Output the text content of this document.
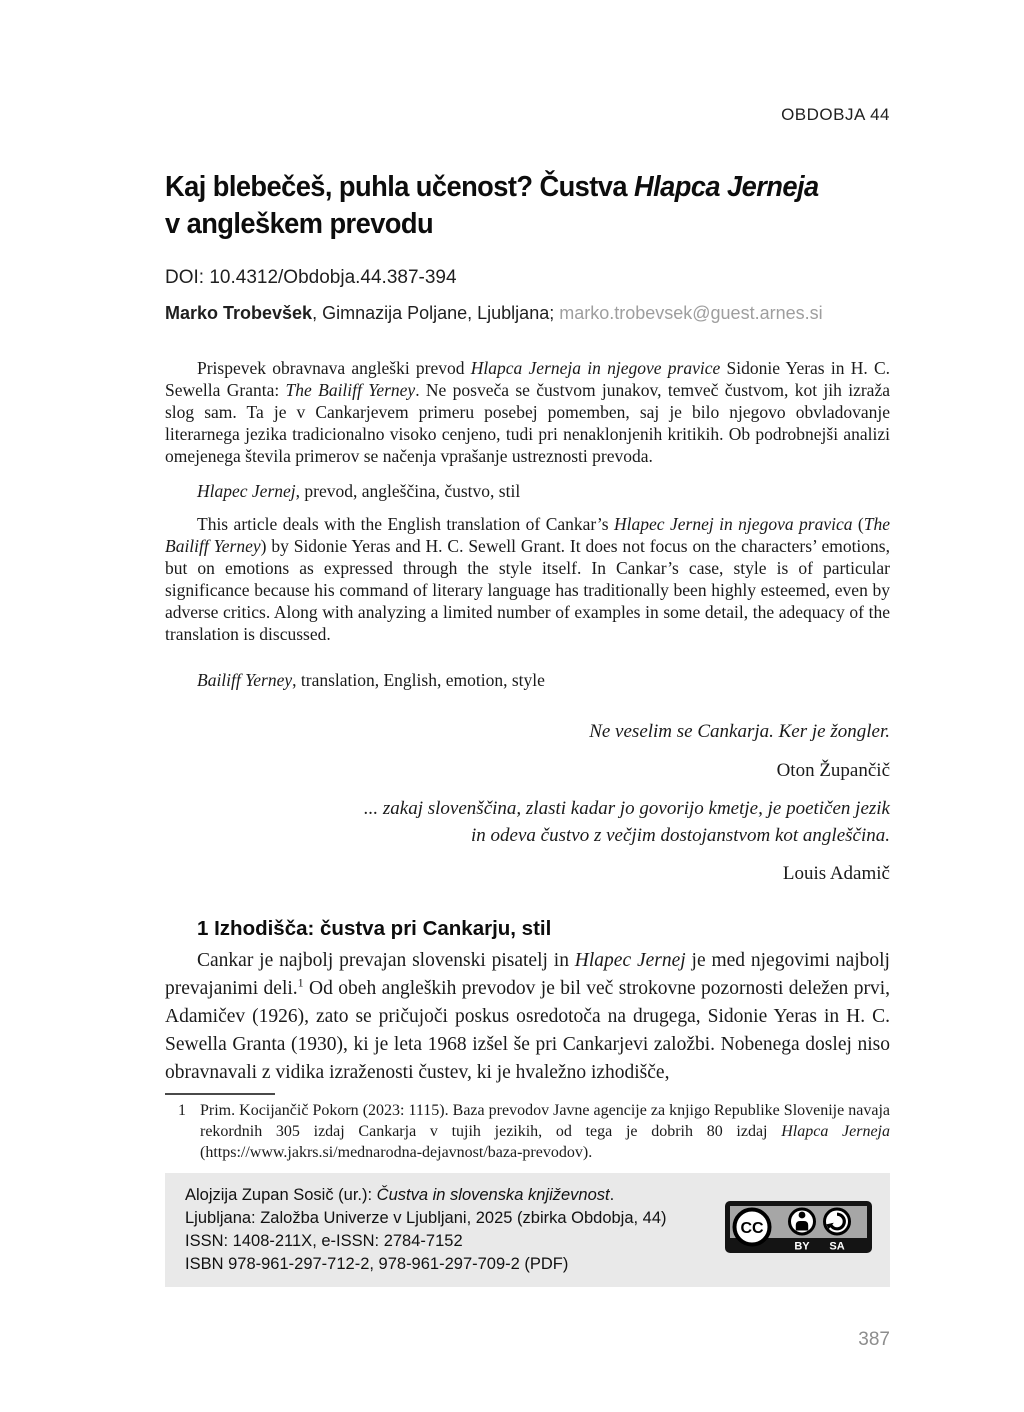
OBDOBJA 44
Kaj blebečeš, puhla učenost? Čustva Hlapca Jerneja
v angleškem prevodu
DOI: 10.4312/Obdobja.44.387-394
Marko Trobevšek, Gimnazija Poljane, Ljubljana; marko.trobevsek@guest.arnes.si

Prispevek obravnava angleški prevod Hlapca Jerneja in njegove pravice Sidonie Yeras in H. C. Sewella Granta: The Bailiff Yerney. Ne posveča se čustvom junakov, temveč čustvom, kot jih izraža slog sam. Ta je v Cankarjevem primeru posebej pomemben, saj je bilo njegovo obvladovanje literarnega jezika tradicionalno visoko cenjeno, tudi pri nenaklonjenih kritikih. Ob podrobnejši analizi omejenega števila primerov se načenja vprašanje ustreznosti prevoda.

Hlapec Jernej, prevod, angleščina, čustvo, stil

This article deals with the English translation of Cankar’s Hlapec Jernej in njegova pravica (The Bailiff Yerney) by Sidonie Yeras and H. C. Sewell Grant. It does not focus on the characters’ emotions, but on emotions as expressed through the style itself. In Cankar’s case, style is of particular significance because his command of literary language has traditionally been highly esteemed, even by adverse critics. Along with analyzing a limited number of examples in some detail, the adequacy of the translation is discussed.

Bailiff Yerney, translation, English, emotion, style

Ne veselim se Cankarja. Ker je žongler.
Oton Župančič
... zakaj slovenščina, zlasti kadar jo govorijo kmetje, je poetičen jezik
in odeva čustvo z večjim dostojanstvom kot angleščina.
Louis Adamič
1 Izhodišča: čustva pri Cankarju, stil

Cankar je najbolj prevajan slovenski pisatelj in Hlapec Jernej je med njegovimi najbolj prevajanimi deli.$^1$ Od obeh angleških prevodov je bil več strokovne pozornosti deležen prvi, Adamičev (1926), zato se pričujoči poskus osredotoča na drugega, Sidonie Yeras in H. C. Sewella Granta (1930), ki je leta 1968 izšel še pri Cankarjevi založbi. Nobenega doslej niso obravnavali z vidika izraženosti čustev, ki je hvaležno izhodišče,

1 Prim. Kocijančič Pokorn (2023: 1115). Baza prevodov Javne agencije za knjigo Republike Slovenije navaja rekordnih 305 izdaj Cankarja v tujih jezikih, od tega je dobrih 80 izdaj Hlapca Jerneja (https://www.jakrs.si/mednarodna-dejavnost/baza-prevodov).
Alojzija Zupan Sosič (ur.): Čustva in slovenska književnost.
Ljubljana: Založba Univerze v Ljubljani, 2025 (zbirka Obdobja, 44)
ISSN: 1408-211X, e-ISSN: 2784-7152
ISBN 978-961-297-712-2, 978-961-297-709-2 (PDF)
CC
BY SA
387
